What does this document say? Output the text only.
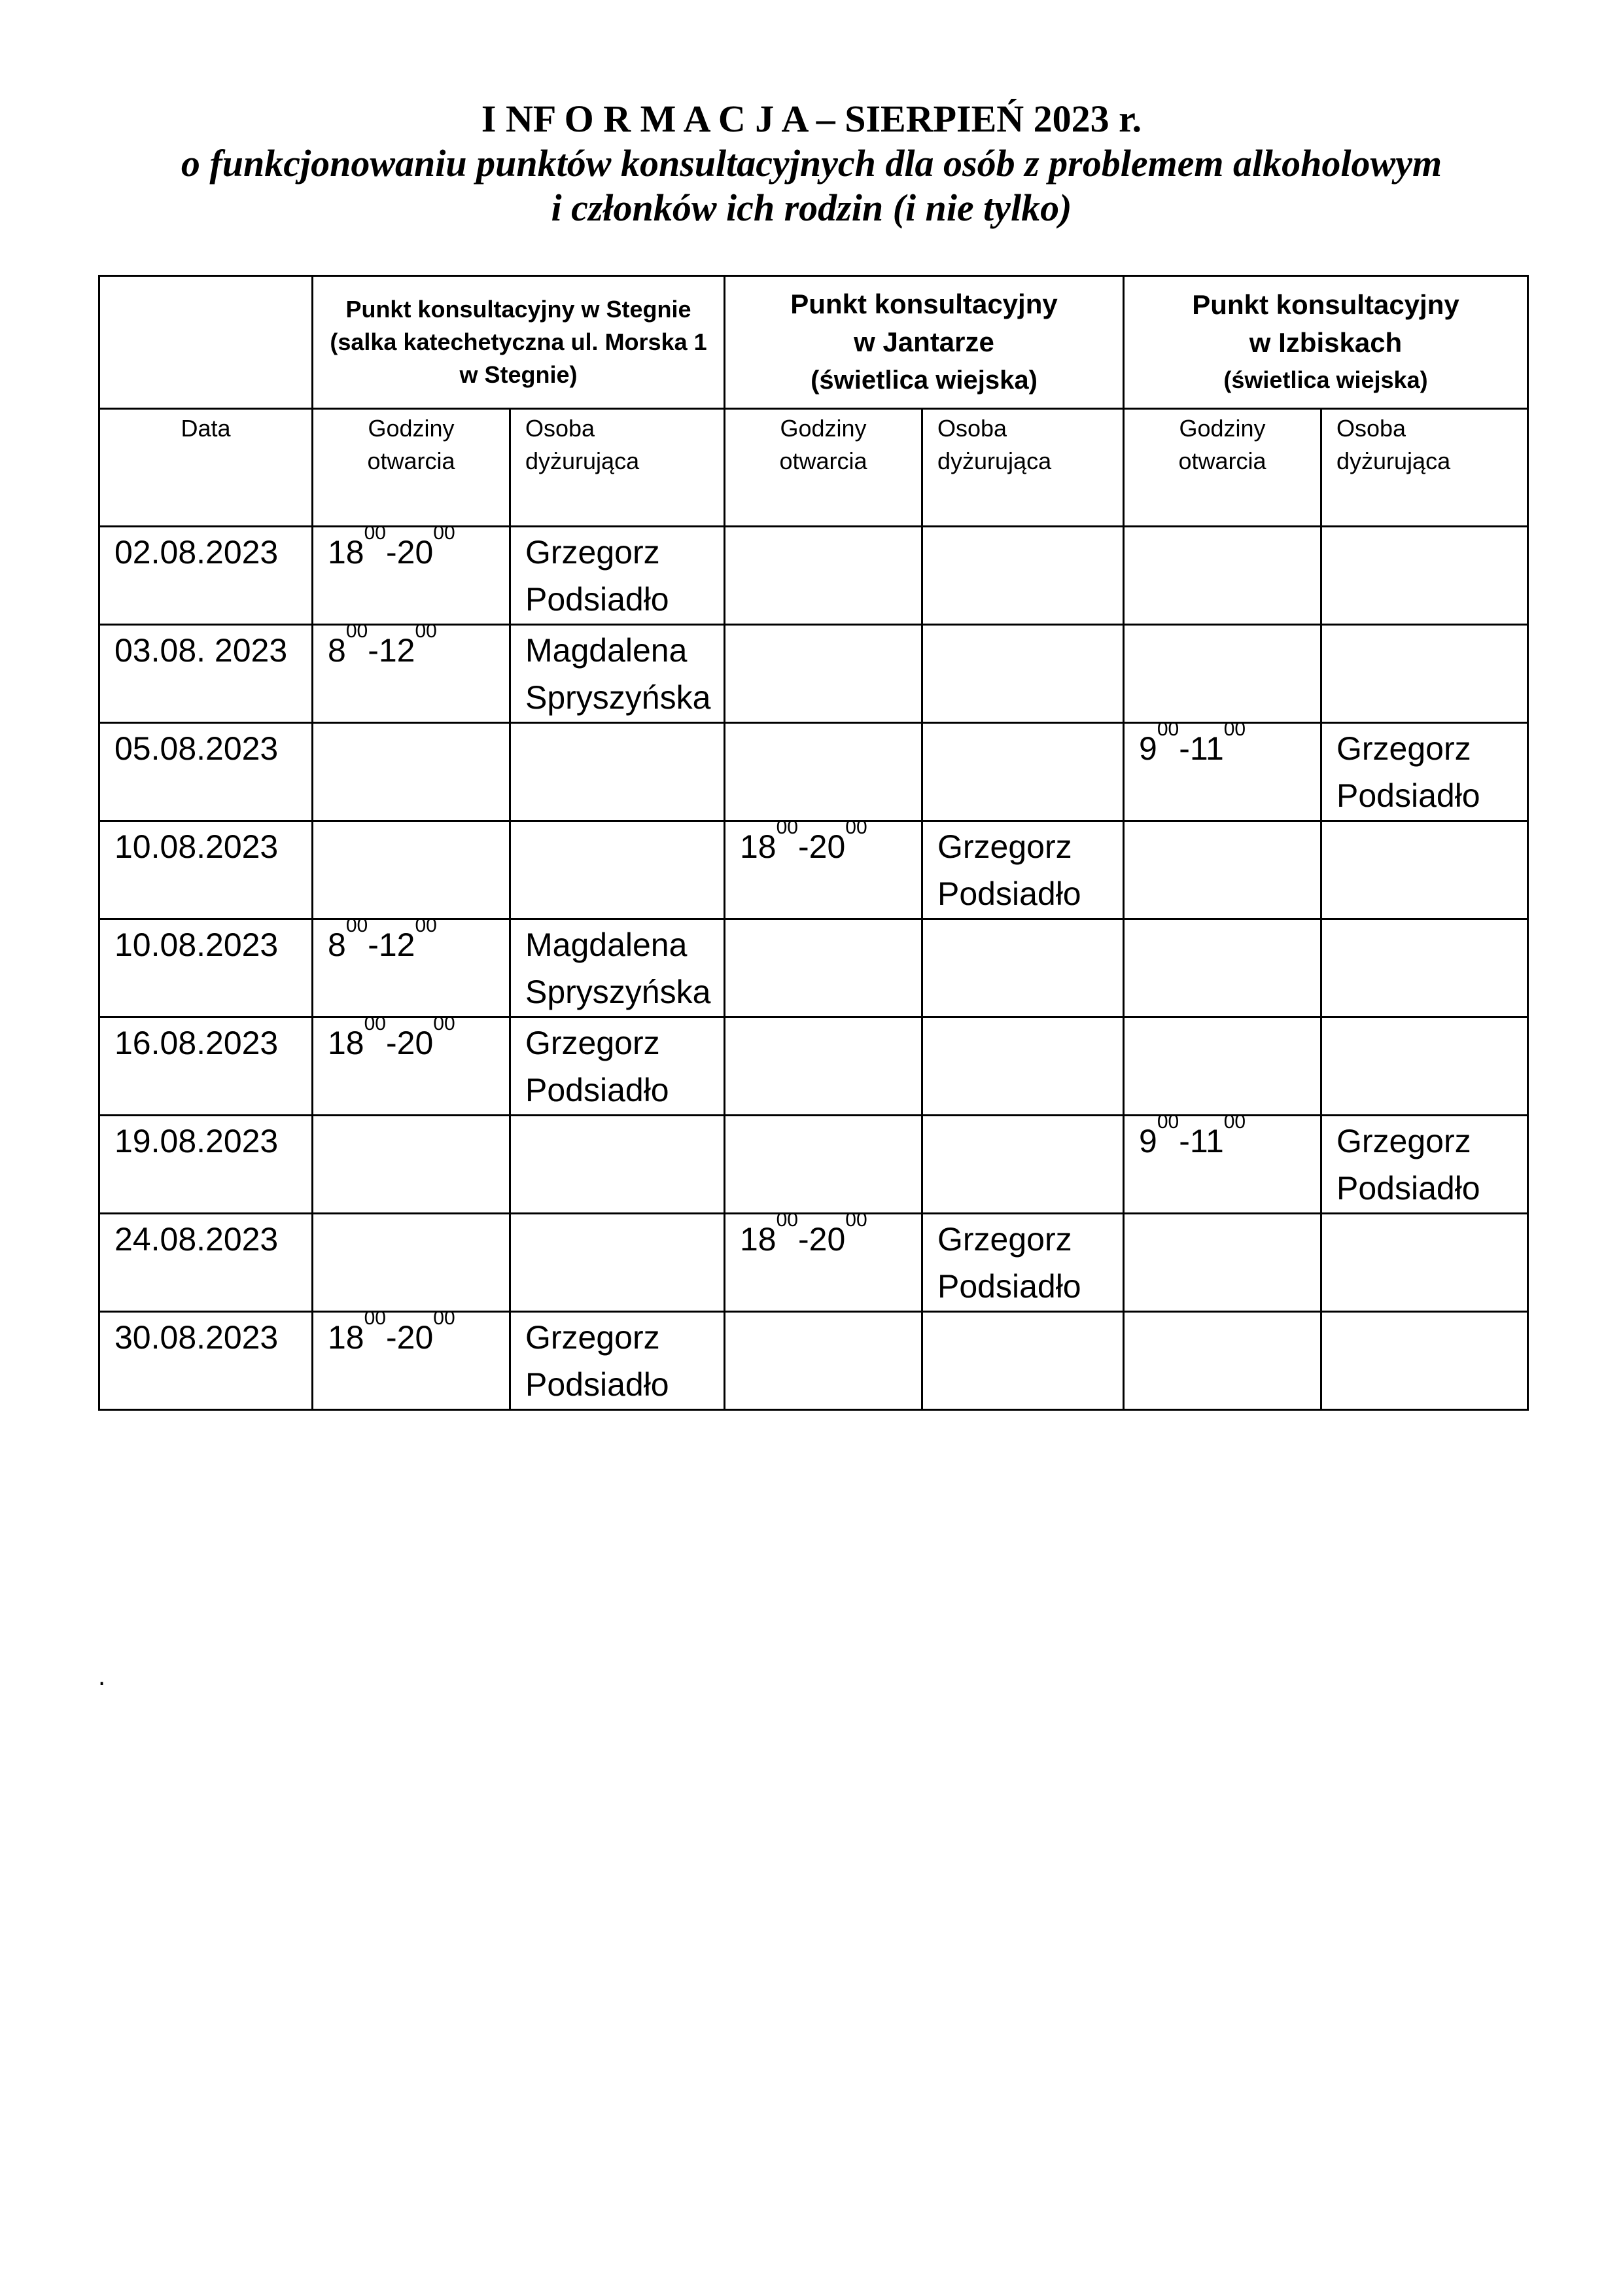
I NF O R M A C J A – SIERPIEŃ 2023 r.
o funkcjonowaniu punktów konsultacyjnych dla osób z problemem alkoholowym
i członków ich rodzin (i nie tylko)
	Punkt konsultacyjny w Stegnie
(salka katechetyczna ul. Morska 1
w Stegnie)		Punkt konsultacyjny
w Jantarze
(świetlica wiejska)		Punkt konsultacyjny
w Izbiskach
(świetlica wiejska)	

Data	Godziny
otwarcia	Osoba
dyżurująca	Godziny
otwarcia	Osoba
dyżurująca	Godziny
otwarcia	Osoba
dyżurująca
02.08.2023	$18^{00}-20^{00}$	Grzegorz
Podsiadło				
03.08. 2023	$8^{00}-12^{00}$	Magdalena
Spryszyńska				
05.08.2023					$9^{00}-11^{00}$	Grzegorz
Podsiadło
10.08.2023			$18^{00}-20^{00}$	Grzegorz
Podsiadło		
10.08.2023	$8^{00}-12^{00}$	Magdalena
Spryszyńska				
16.08.2023	$18^{00}-20^{00}$	Grzegorz
Podsiadło				
19.08.2023					$9^{00}-11^{00}$	Grzegorz
Podsiadło
24.08.2023			$18^{00}-20^{00}$	Grzegorz
Podsiadło		
30.08.2023	$18^{00}-20^{00}$	Grzegorz
Podsiadło				
.
